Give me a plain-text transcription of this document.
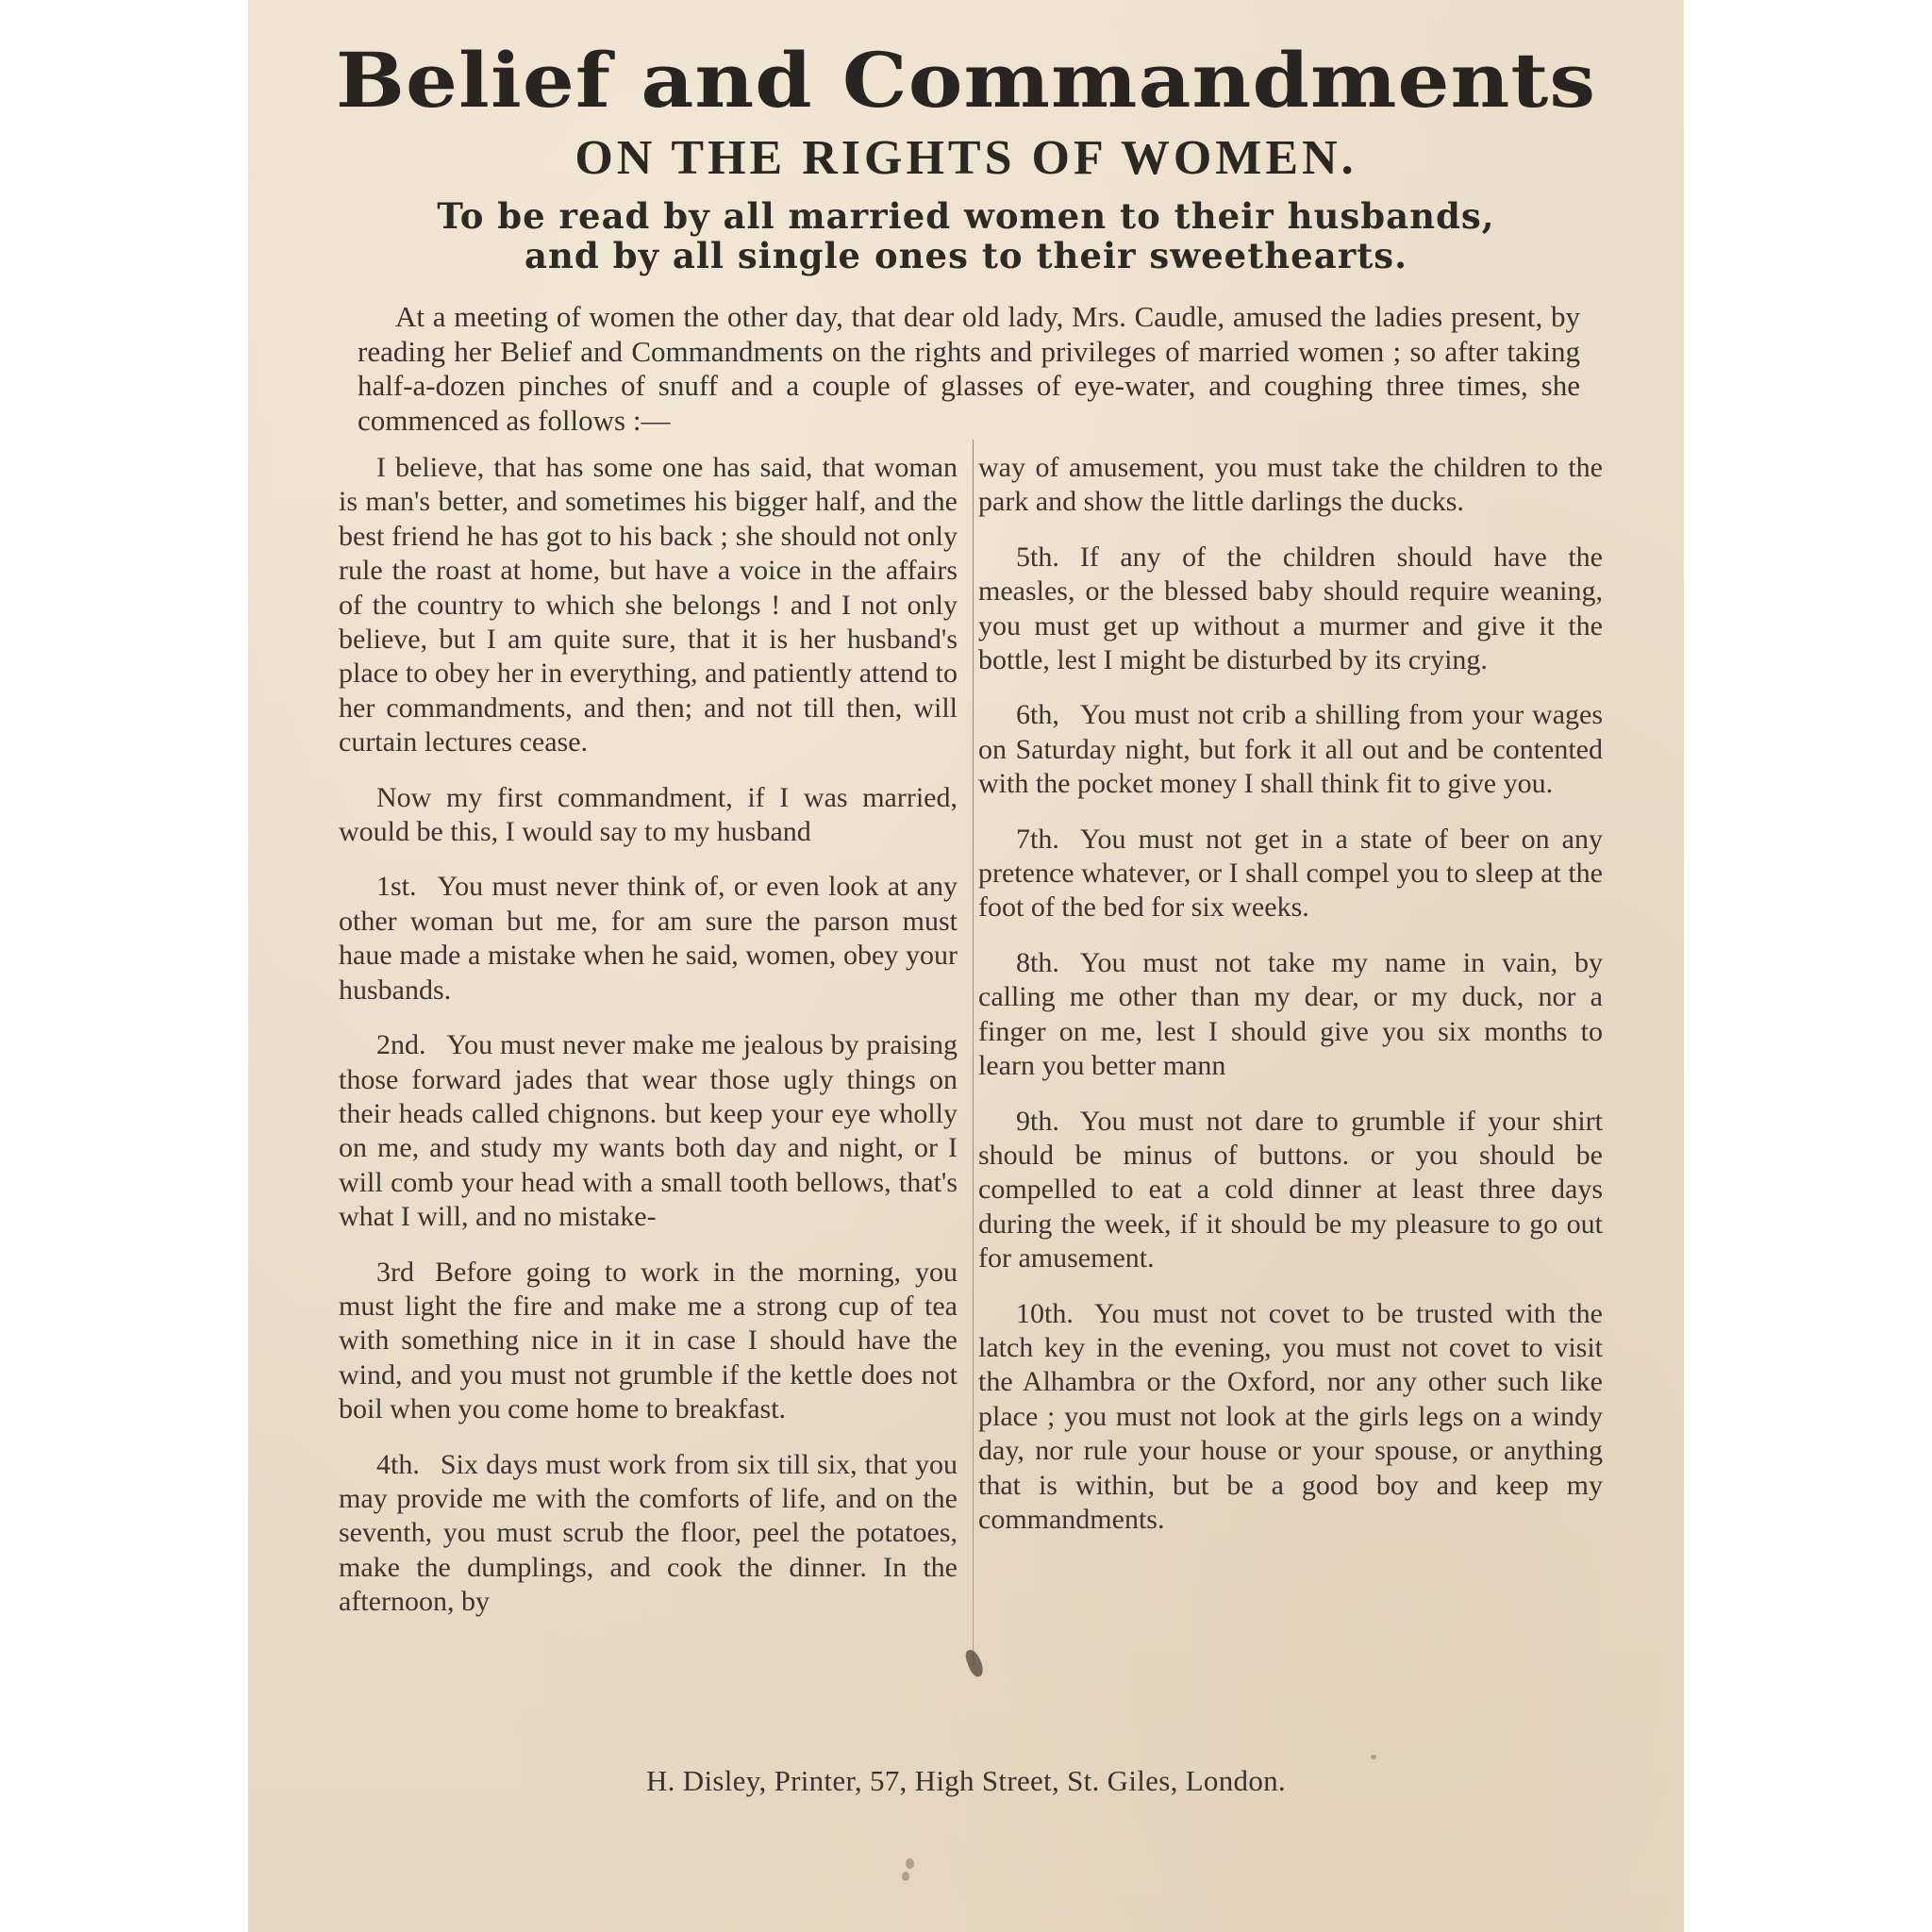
Belief and Commandments
ON THE RIGHTS OF WOMEN.
To be read by all married women to their husbands,
and by all single ones to their sweethearts.

At a meeting of women the other day, that dear old lady, Mrs. Caudle, amused the ladies present, by reading her Belief and Commandments on the rights and privileges of married women ; so after taking half-a-dozen pinches of snuff and a couple of glasses of eye-water, and coughing three times, she commenced as follows :—

I believe, that has some one has said, that woman is man's better, and sometimes his bigger half, and the best friend he has got to his back ; she should not only rule the roast at home, but have a voice in the affairs of the country to which she belongs ! and I not only believe, but I am quite sure, that it is her husband's place to obey her in everything, and patiently attend to her commandments, and then; and not till then, will curtain lectures cease.

Now my first commandment, if I was married, would be this, I would say to my husband

1st. You must never think of, or even look at any other woman but me, for am sure the parson must haue made a mistake when he said, women, obey your husbands.

2nd. You must never make me jealous by praising those forward jades that wear those ugly things on their heads called chignons. but keep your eye wholly on me, and study my wants both day and night, or I will comb your head with a small tooth bellows, that's what I will, and no mistake-

3rd Before going to work in the morning, you must light the fire and make me a strong cup of tea with something nice in it in case I should have the wind, and you must not grumble if the kettle does not boil when you come home to breakfast.

4th. Six days must work from six till six, that you may provide me with the comforts of life, and on the seventh, you must scrub the floor, peel the potatoes, make the dumplings, and cook the dinner. In the afternoon, by

way of amusement, you must take the children to the park and show the little darlings the ducks.

5th. If any of the children should have the measles, or the blessed baby should require weaning, you must get up without a murmer and give it the bottle, lest I might be disturbed by its crying.

6th, You must not crib a shilling from your wages on Saturday night, but fork it all out and be contented with the pocket money I shall think fit to give you.

7th. You must not get in a state of beer on any pretence whatever, or I shall compel you to sleep at the foot of the bed for six weeks.

8th. You must not take my name in vain, by calling me other than my dear, or my duck, nor a finger on me, lest I should give you six months to learn you better mann

9th. You must not dare to grumble if your shirt should be minus of buttons. or you should be compelled to eat a cold dinner at least three days during the week, if it should be my pleasure to go out for amusement.

10th. You must not covet to be trusted with the latch key in the evening, you must not covet to visit the Alhambra or the Oxford, nor any other such like place ; you must not look at the girls legs on a windy day, nor rule your house or your spouse, or anything that is within, but be a good boy and keep my commandments.

H. Disley, Printer, 57, High Street, St. Giles, London.
